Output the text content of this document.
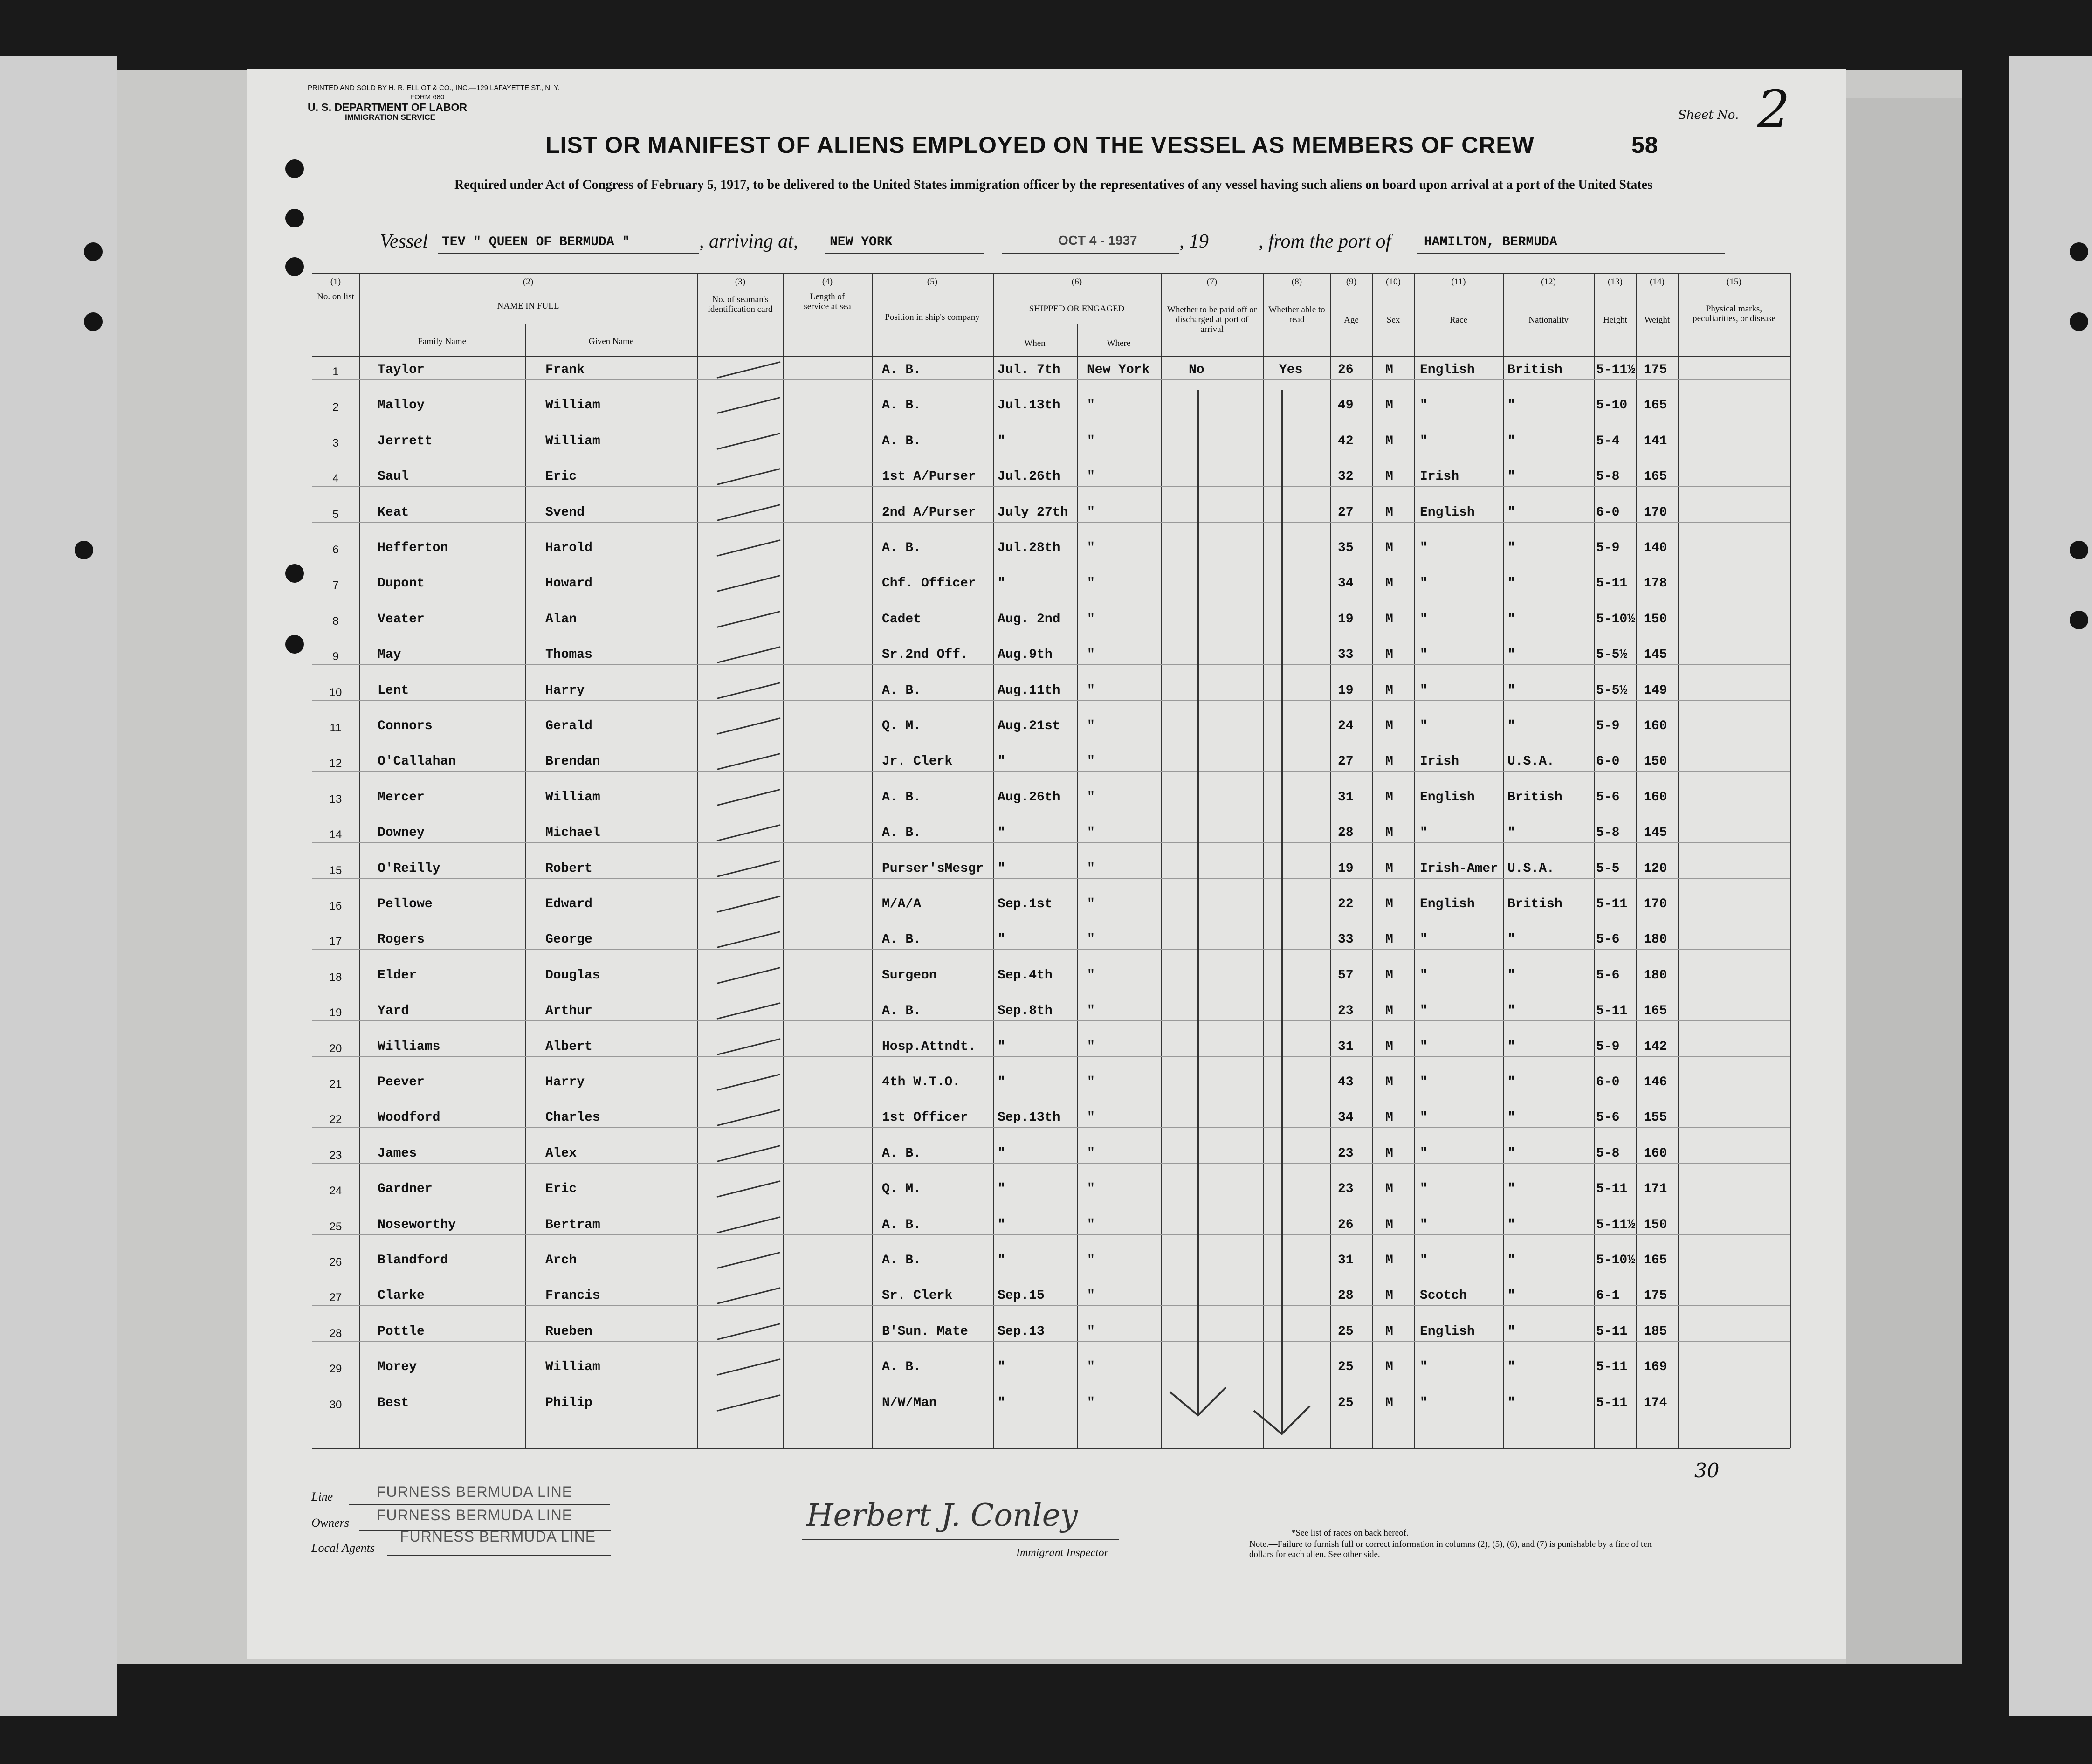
PRINTED AND SOLD BY H. R. ELLIOT & CO., INC.—129 LAFAYETTE ST., N. Y.
FORM 680
U. S. DEPARTMENT OF LABOR
IMMIGRATION SERVICE	Sheet No. 2
LIST OR MANIFEST OF ALIENS EMPLOYED ON THE VESSEL AS MEMBERS OF CREW	58
Required under Act of Congress of February 5, 1917, to be delivered to the United States immigration officer by the representatives of any vessel having such aliens on board upon arrival at a port of the United States
Vessel TEV " QUEEN OF BERMUDA "	, arriving at, NEW YORK	OCT 4 - 1937 , 19	, from the port of	HAMILTON, BERMUDA
(1)
No. on list
(2)
NAME IN FULL
Family Name	Given Name
(3)
No. of seaman's identification card
(4)
Length of service at sea
(5)
Position in ship's company
(6)
SHIPPED OR ENGAGED
When	Where
(7)
Whether to be paid off or discharged at port of arrival
(8)
Whether able to read
(9)
Age
(10)
Sex
(11)
Race
(12)
Nationality
(13)
Height
(14)
Weight
(15)
Physical marks, peculiarities, or disease
1	Taylor	Frank	A. B.	Jul. 7th New York	No	Yes	26 M English	British	5-11½ 175
2	Malloy	William	A. B.	Jul.13th "	49 M "	"	5-10 165
3	Jerrett	William	A. B.	"	"	42 M "	"	5-4 141
4	Saul	Eric	1st A/Purser Jul.26th "	32 M Irish	"	5-8 165
5	Keat	Svend	2nd A/Purser July 27th "	27 M English	"	6-0 170
6	Hefferton	Harold	A. B.	Jul.28th "	35 M "	"	5-9 140
7	Dupont	Howard	Chf. Officer "	"	34 M "	"	5-11 178
8	Veater	Alan	Cadet	Aug. 2nd "	19 M "	"	5-10½ 150
9	May	Thomas	Sr.2nd Off. Aug.9th	"	33 M "	"	5-5½ 145
10	Lent	Harry	A. B.	Aug.11th "	19 M "	"	5-5½ 149
11	Connors	Gerald	Q. M.	Aug.21st "	24 M "	"	5-9 160
12	O'Callahan	Brendan	Jr. Clerk	"	"	27 M Irish	U.S.A.	6-0 150
13	Mercer	William	A. B.	Aug.26th "	31 M English	British	5-6 160
14	Downey	Michael	A. B.	"	"	28 M "	"	5-8 145
15	O'Reilly	Robert	Purser'sMesgr "	"	19 M Irish-Amer U.S.A.	5-5 120
16	Pellowe	Edward	M/A/A	Sep.1st	"	22 M English	British	5-11 170
17	Rogers	George	A. B.	"	"	33 M "	"	5-6 180
18	Elder	Douglas	Surgeon	Sep.4th	"	57 M "	"	5-6 180
19	Yard	Arthur	A. B.	Sep.8th	"	23 M "	"	5-11 165
20	Williams	Albert	Hosp.Attndt. "	"	31 M "	"	5-9 142
21	Peever	Harry	4th W.T.O.	"	"	43 M "	"	6-0 146
22	Woodford	Charles	1st Officer Sep.13th "	34 M "	"	5-6 155
23	James	Alex	A. B.	"	"	23 M "	"	5-8 160
24	Gardner	Eric	Q. M.	"	"	23 M "	"	5-11 171
25	Noseworthy	Bertram	A. B.	"	"	26 M "	"	5-11½ 150
26	Blandford	Arch	A. B.	"	"	31 M "	"	5-10½ 165
27	Clarke	Francis	Sr. Clerk	Sep.15	"	28 M Scotch	"	6-1 175
28	Pottle	Rueben	B'Sun. Mate Sep.13	"	25 M English	"	5-11 185
29	Morey	William	A. B.	"	"	25 M "	"	5-11 169
30	Best	Philip	N/W/Man	"	"	25 M "	"	5-11 174
30
Line	FURNESS BERMUDA LINE
Owners FURNESS BERMUDA LINE
Local Agents
FURNESS BERMUDA LINE
Herbert J. Conley
Immigrant Inspector
*See list of races on back hereof.
Note.—Failure to furnish full or correct information in columns (2), (5), (6), and (7) is punishable by a fine of ten dollars for each alien. See other side.
